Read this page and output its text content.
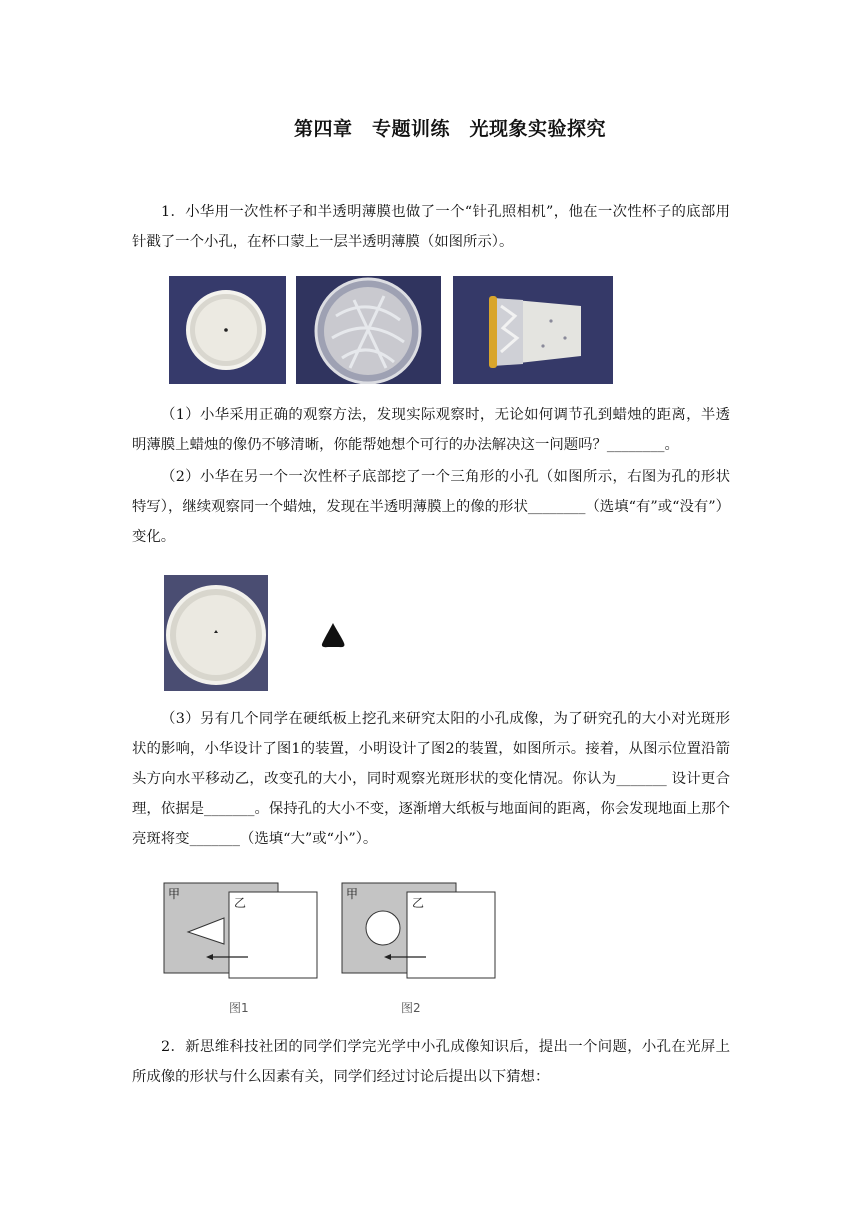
第四章　专题训练　光现象实验探究

1．小华用一次性杯子和半透明薄膜也做了一个“针孔照相机”，他在一次性杯子的底部用针戳了一个小孔，在杯口蒙上一层半透明薄膜（如图所示）。

（1）小华采用正确的观察方法，发现实际观察时，无论如何调节孔到蜡烛的距离，半透明薄膜上蜡烛的像仍不够清晰，你能帮她想个可行的办法解决这一问题吗？________。

（2）小华在另一个一次性杯子底部挖了一个三角形的小孔（如图所示，右图为孔的形状特写），继续观察同一个蜡烛，发现在半透明薄膜上的像的形状________（选填“有”或“没有”）变化。

（3）另有几个同学在硬纸板上挖孔来研究太阳的小孔成像，为了研究孔的大小对光斑形状的影响，小华设计了图1的装置，小明设计了图2的装置，如图所示。接着，从图示位置沿箭头方向水平移动乙，改变孔的大小，同时观察光斑形状的变化情况。你认为_______ 设计更合理，依据是_______。保持孔的大小不变，逐渐增大纸板与地面间的距离，你会发现地面上那个亮斑将变_______（选填“大”或“小”）。

甲
乙
图1
甲
乙
图2

2．新思维科技社团的同学们学完光学中小孔成像知识后，提出一个问题，小孔在光屏上所成像的形状与什么因素有关，同学们经过讨论后提出以下猜想：
